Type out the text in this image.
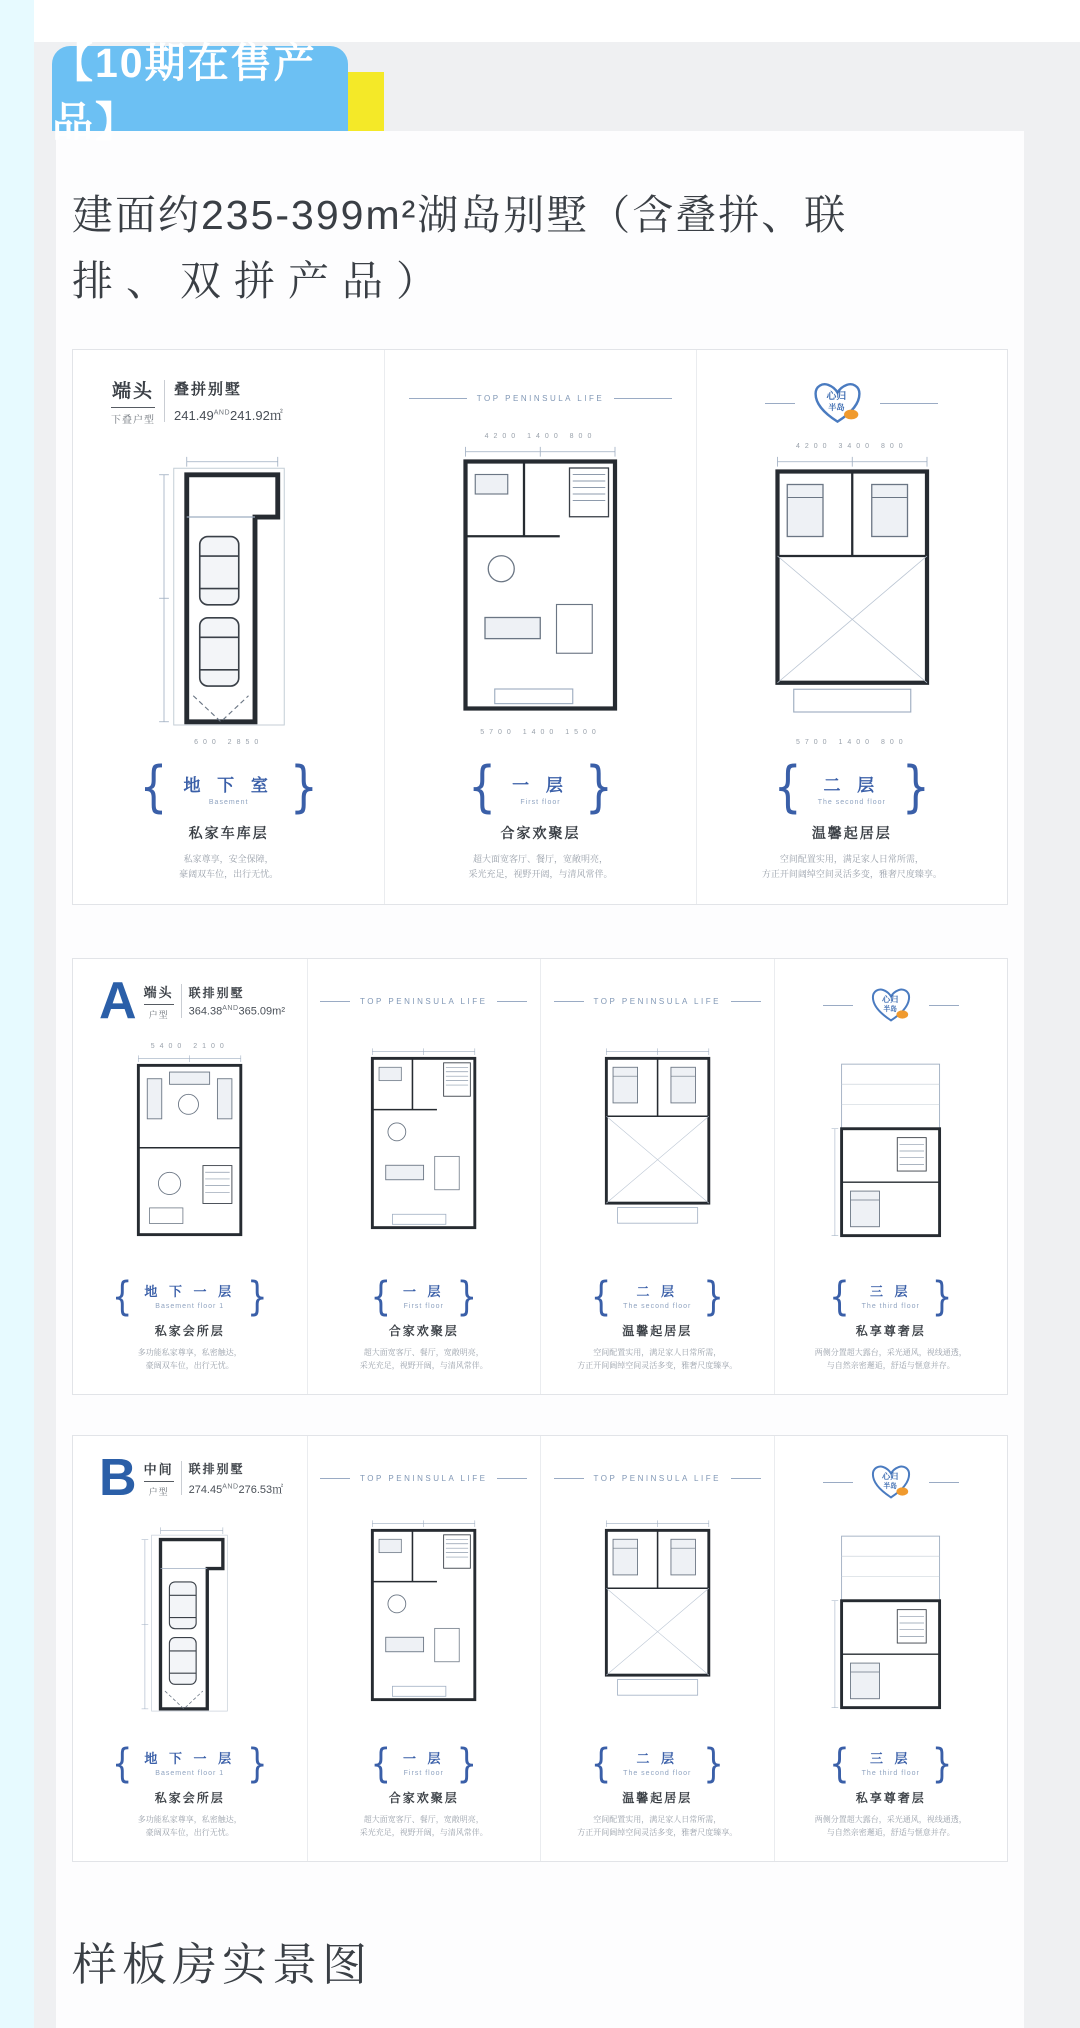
【10期在售产品】
建面约235-399m²湖岛别墅（含叠拼、联
排、双拼产品）
端头
下叠户型
叠拼别墅
$241.49^{AND}241.92㎡$
600 2850
{ 地 下 室
Basement }
私家车库层
私家尊享，安全保障，
豪阔双车位，出行无忧。
TOP PENINSULA LIFE
4200 1400 800
5700 1400 1500
{ 一 层
First floor }
合家欢聚层
超大面宽客厅、餐厅，宽敞明亮，
采光充足，视野开阔，与清风常伴。
心归
半岛
4200 3400 800
5700 1400 800
{	二 层
The second floor }
温馨起居层
空间配置实用，满足家人日常所需，
方正开间阔绰空间灵活多变，雅奢尺度臻享。
A 端头
户型
联排别墅
$364.38^{AND}365.09m^2$
5400 2100
{ 地 下 一 层
Basement floor 1 }
私家会所层
多功能私家尊享，私密触达，
豪阔双车位，出行无忧。
TOP PENINSULA LIFE
{ 一 层
First floor }
合家欢聚层
超大面宽客厅、餐厅，宽敞明亮，
采光充足，视野开阔，与清风常伴。
TOP PENINSULA LIFE
{	二 层
The second floor }
温馨起居层
空间配置实用，满足家人日常所需，
方正开间阔绰空间灵活多变，雅奢尺度臻享。
心归
半岛
{	三 层
The third floor }
私享尊奢层
两侧分置超大露台，采光通风，视线通透，
与自然亲密邂逅，舒适与惬意并存。
B 中间
户型
联排别墅
$274.45^{AND}276.53㎡$
{ 地 下 一 层
Basement floor 1 }
私家会所层
多功能私家尊享，私密触达，
豪阔双车位，出行无忧。
TOP PENINSULA LIFE
{ 一 层
First floor }
合家欢聚层
超大面宽客厅、餐厅，宽敞明亮，
采光充足，视野开阔，与清风常伴。
TOP PENINSULA LIFE
{	二 层
The second floor }
温馨起居层
空间配置实用，满足家人日常所需，
方正开间阔绰空间灵活多变，雅奢尺度臻享。
心归
半岛
{	三 层
The third floor }
私享尊奢层
两侧分置超大露台，采光通风，视线通透，
与自然亲密邂逅，舒适与惬意并存。
样板房实景图
